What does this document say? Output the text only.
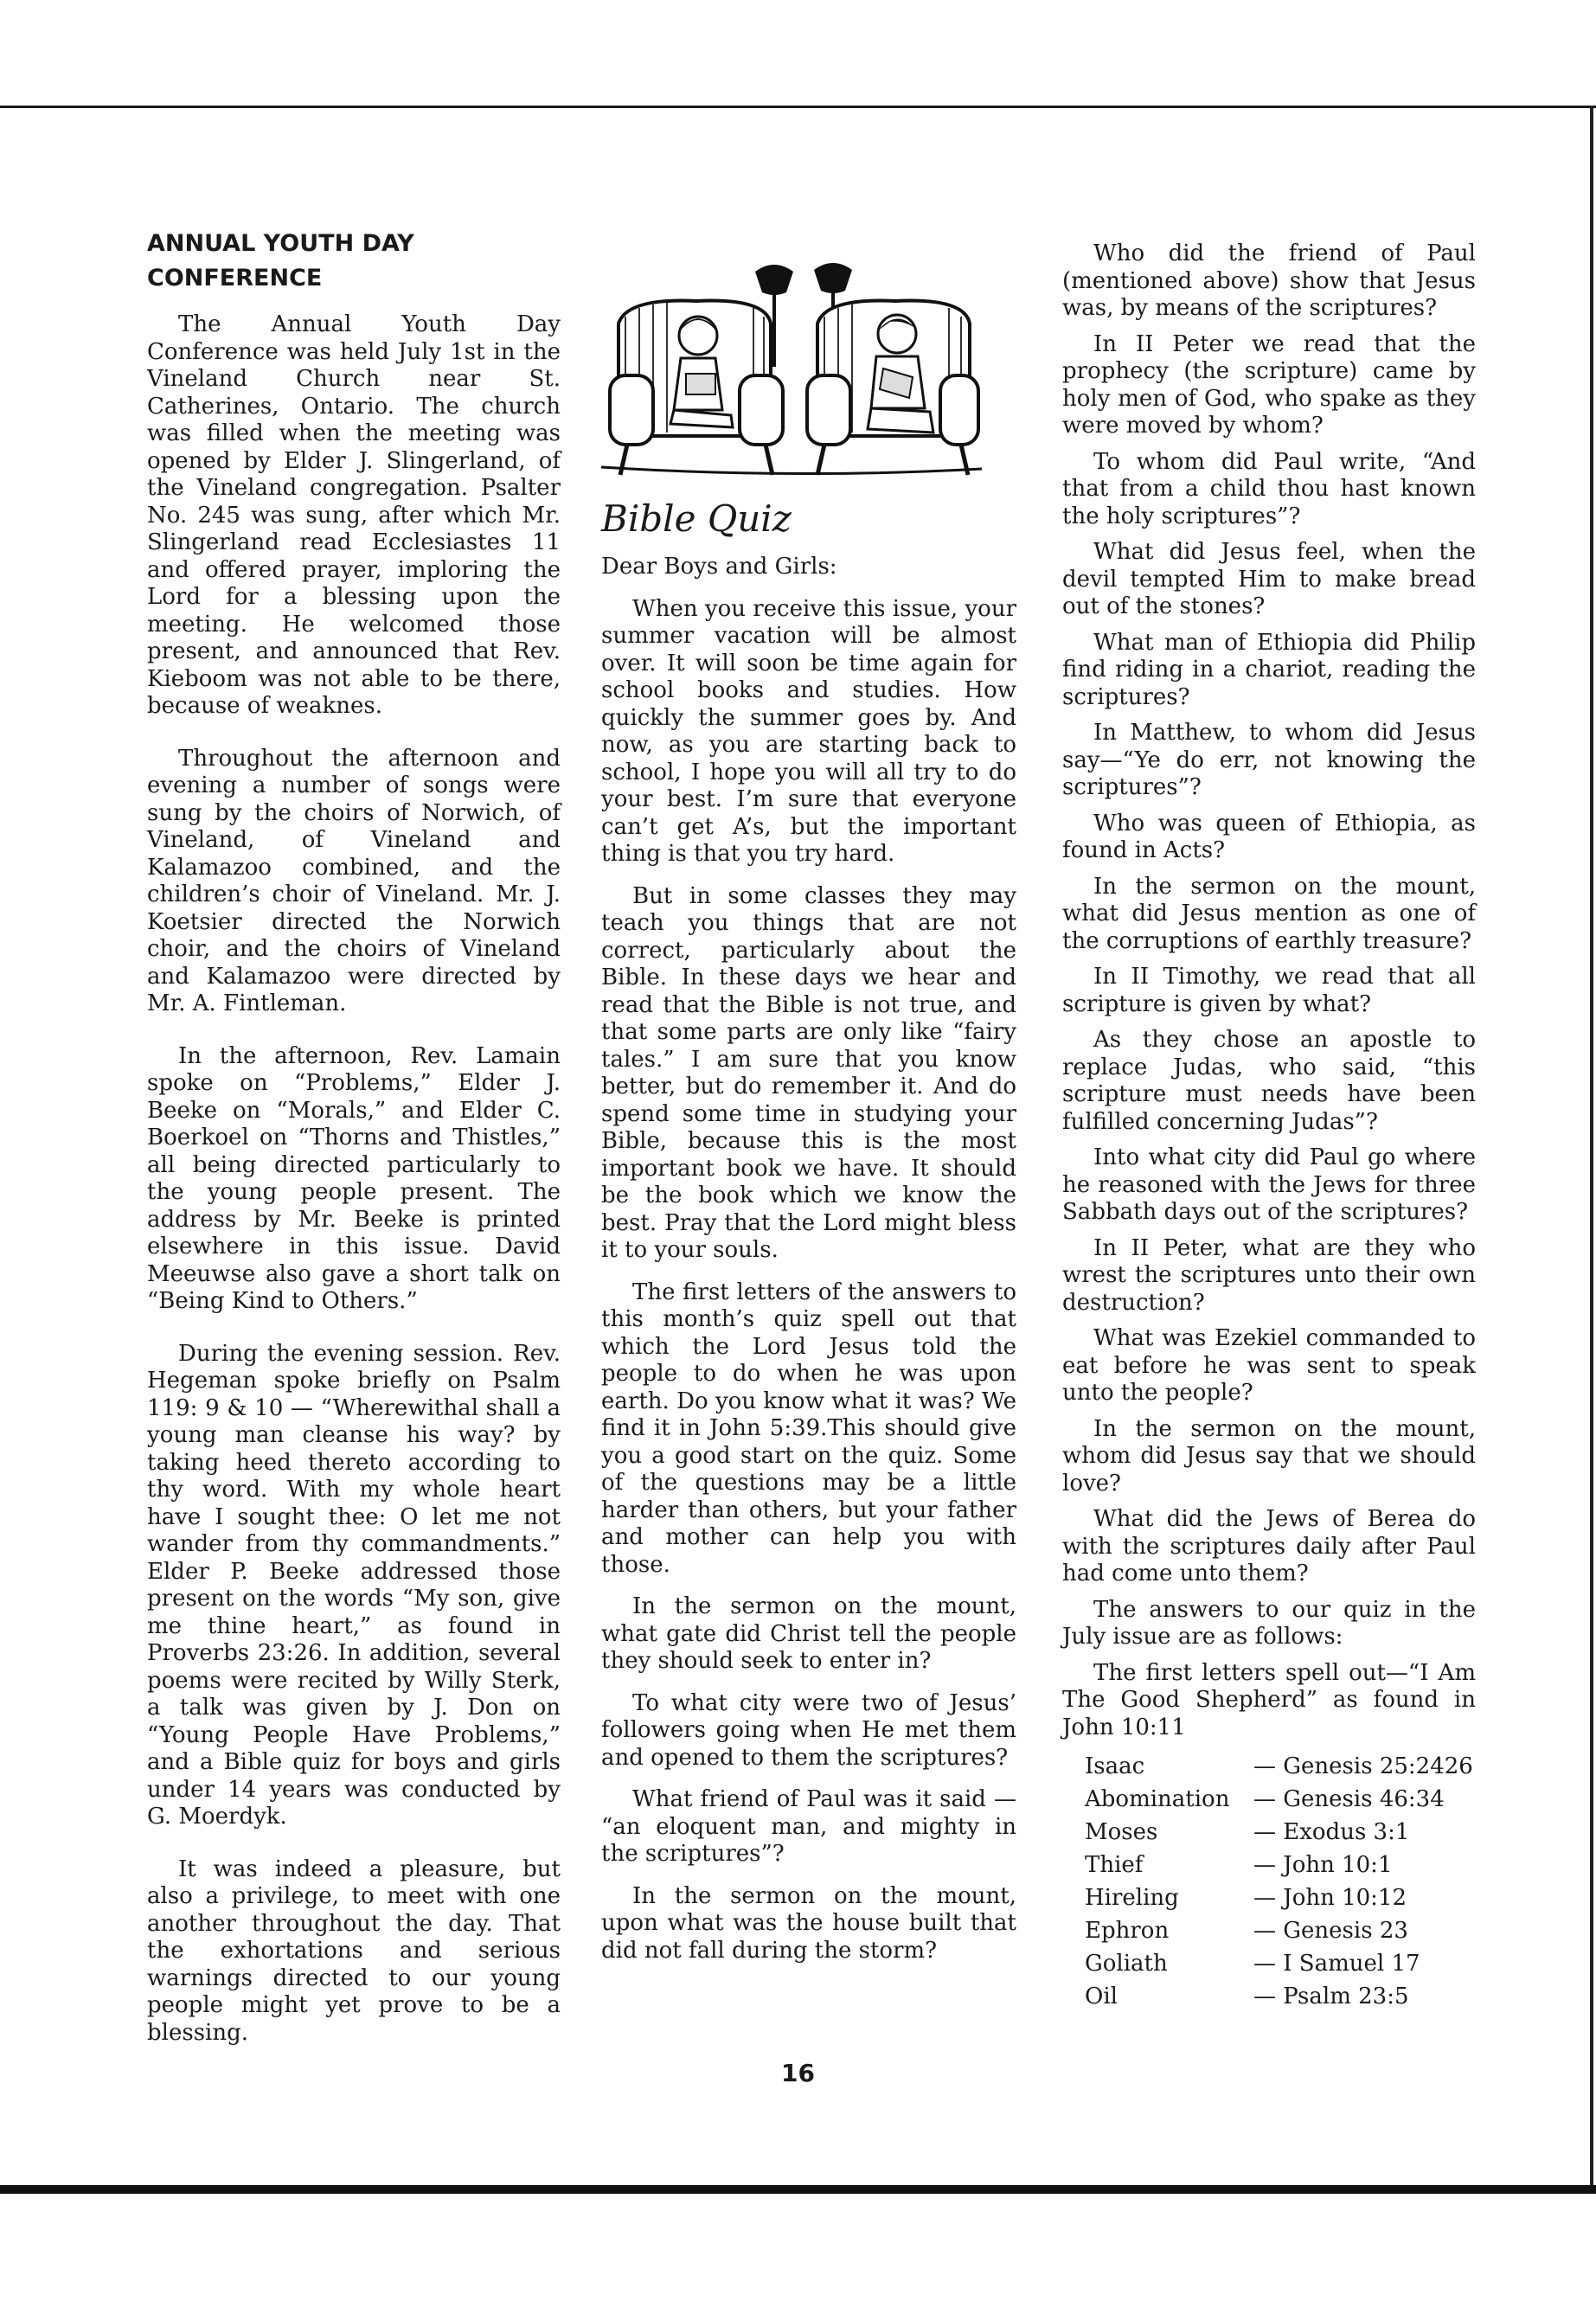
ANNUAL YOUTH DAY CONFERENCE

The Annual Youth Day Conference was held July 1st in the Vineland Church near St. Catherines, Ontario. The church was filled when the meeting was opened by Elder J. Slingerland, of the Vineland congregation. Psalter No. 245 was sung, after which Mr. Slingerland read Ecclesiastes 11 and offered prayer, imploring the Lord for a blessing upon the meeting. He welcomed those present, and announced that Rev. Kieboom was not able to be there, because of weaknes.

Throughout the afternoon and evening a number of songs were sung by the choirs of Norwich, of Vineland, of Vineland and Kalamazoo combined, and the children’s choir of Vineland. Mr. J. Koetsier directed the Norwich choir, and the choirs of Vineland and Kalamazoo were directed by Mr. A. Fintleman.

In the afternoon, Rev. Lamain spoke on “Problems,” Elder J. Beeke on “Morals,” and Elder C. Boerkoel on “Thorns and Thistles,” all being directed particularly to the young people present. The address by Mr. Beeke is printed elsewhere in this issue. David Meeuwse also gave a short talk on “Being Kind to Others.”

During the evening session. Rev. Hegeman spoke briefly on Psalm 119: 9 & 10 — “Wherewithal shall a young man cleanse his way? by taking heed thereto according to thy word. With my whole heart have I sought thee: O let me not wander from thy commandments.” Elder P. Beeke addressed those present on the words “My son, give me thine heart,” as found in Proverbs 23:26. In addition, several poems were recited by Willy Sterk, a talk was given by J. Don on “Young People Have Problems,” and a Bible quiz for boys and girls under 14 years was conducted by G. Moerdyk.

It was indeed a pleasure, but also a privilege, to meet with one another throughout the day. That the exhortations and serious warnings directed to our young people might yet prove to be a blessing.

Bible Quiz

Dear Boys and Girls:

When you receive this issue, your summer vacation will be almost over. It will soon be time again for school books and studies. How quickly the summer goes by. And now, as you are starting back to school, I hope you will all try to do your best. I’m sure that everyone can’t get A’s, but the important thing is that you try hard.

But in some classes they may teach you things that are not correct, particularly about the Bible. In these days we hear and read that the Bible is not true, and that some parts are only like “fairy tales.” I am sure that you know better, but do remember it. And do spend some time in studying your Bible, because this is the most important book we have. It should be the book which we know the best. Pray that the Lord might bless it to your souls.

The first letters of the answers to this month’s quiz spell out that which the Lord Jesus told the people to do when he was upon earth. Do you know what it was? We find it in John 5:39.This should give you a good start on the quiz. Some of the questions may be a little harder than others, but your father and mother can help you with those.

In the sermon on the mount, what gate did Christ tell the people they should seek to enter in?

To what city were two of Jesus’ followers going when He met them and opened to them the scriptures?

What friend of Paul was it said — “an eloquent man, and mighty in the scriptures”?

In the sermon on the mount, upon what was the house built that did not fall during the storm?

Who did the friend of Paul (mentioned above) show that Jesus was, by means of the scriptures?

In II Peter we read that the prophecy (the scripture) came by holy men of God, who spake as they were moved by whom?

To whom did Paul write, “And that from a child thou hast known the holy scriptures”?

What did Jesus feel, when the devil tempted Him to make bread out of the stones?

What man of Ethiopia did Philip find riding in a chariot, reading the scriptures?

In Matthew, to whom did Jesus say—“Ye do err, not knowing the scriptures”?

Who was queen of Ethiopia, as found in Acts?

In the sermon on the mount, what did Jesus mention as one of the corruptions of earthly treasure?

In II Timothy, we read that all scripture is given by what?

As they chose an apostle to replace Judas, who said, “this scripture must needs have been fulfilled concerning Judas”?

Into what city did Paul go where he reasoned with the Jews for three Sabbath days out of the scriptures?

In II Peter, what are they who wrest the scriptures unto their own destruction?

What was Ezekiel commanded to eat before he was sent to speak unto the people?

In the sermon on the mount, whom did Jesus say that we should love?

What did the Jews of Berea do with the scriptures daily after Paul had come unto them?

The answers to our quiz in the July issue are as follows:

The first letters spell out—“I Am The Good Shepherd” as found in John 10:11

Isaac	— Genesis 25:2426
Abomination	— Genesis 46:34
Moses	— Exodus 3:1
Thief	— John 10:1
Hireling	— John 10:12
Ephron	— Genesis 23
Goliath	— I Samuel 17
Oil	— Psalm 23:5
16
